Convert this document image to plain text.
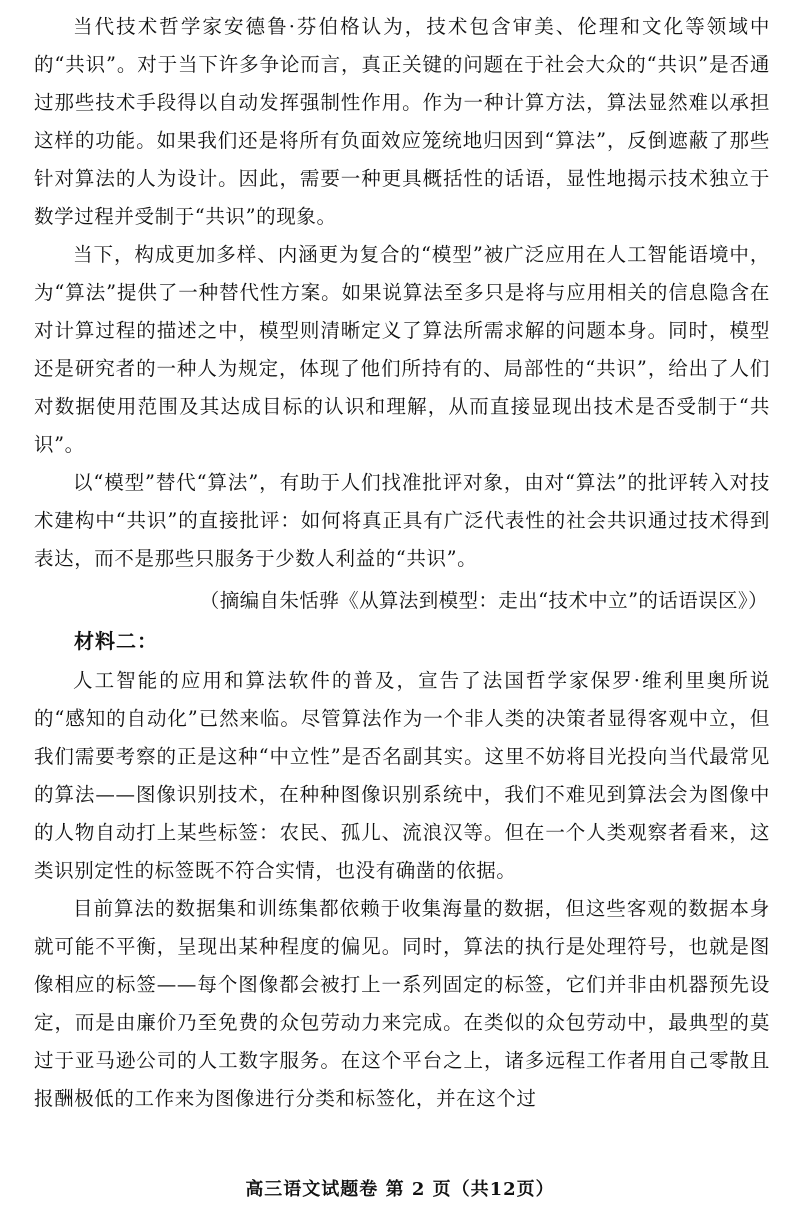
当代技术哲学家安德鲁·芬伯格认为，技术包含审美、伦理和文化等领域中的“共识”。对于当下许多争论而言，真正关键的问题在于社会大众的“共识”是否通过那些技术手段得以自动发挥强制性作用。作为一种计算方法，算法显然难以承担这样的功能。如果我们还是将所有负面效应笼统地归因到“算法”，反倒遮蔽了那些针对算法的人为设计。因此，需要一种更具概括性的话语，显性地揭示技术独立于数学过程并受制于“共识”的现象。

当下，构成更加多样、内涵更为复合的“模型”被广泛应用在人工智能语境中，为“算法”提供了一种替代性方案。如果说算法至多只是将与应用相关的信息隐含在对计算过程的描述之中，模型则清晰定义了算法所需求解的问题本身。同时，模型还是研究者的一种人为规定，体现了他们所持有的、局部性的“共识”，给出了人们对数据使用范围及其达成目标的认识和理解，从而直接显现出技术是否受制于“共识”。

以“模型”替代“算法”，有助于人们找准批评对象，由对“算法”的批评转入对技术建构中“共识”的直接批评：如何将真正具有广泛代表性的社会共识通过技术得到表达，而不是那些只服务于少数人利益的“共识”。

（摘编自朱恬骅《从算法到模型：走出“技术中立”的话语误区》）

材料二：

人工智能的应用和算法软件的普及，宣告了法国哲学家保罗·维利里奥所说的“感知的自动化”已然来临。尽管算法作为一个非人类的决策者显得客观中立，但我们需要考察的正是这种“中立性”是否名副其实。这里不妨将目光投向当代最常见的算法——图像识别技术，在种种图像识别系统中，我们不难见到算法会为图像中的人物自动打上某些标签：农民、孤儿、流浪汉等。但在一个人类观察者看来，这类识别定性的标签既不符合实情，也没有确凿的依据。

目前算法的数据集和训练集都依赖于收集海量的数据，但这些客观的数据本身就可能不平衡，呈现出某种程度的偏见。同时，算法的执行是处理符号，也就是图像相应的标签——每个图像都会被打上一系列固定的标签，它们并非由机器预先设定，而是由廉价乃至免费的众包劳动力来完成。在类似的众包劳动中，最典型的莫过于亚马逊公司的人工数字服务。在这个平台之上，诸多远程工作者用自己零散且报酬极低的工作来为图像进行分类和标签化，并在这个过

高三语文试题卷 第 2 页（共12页）
